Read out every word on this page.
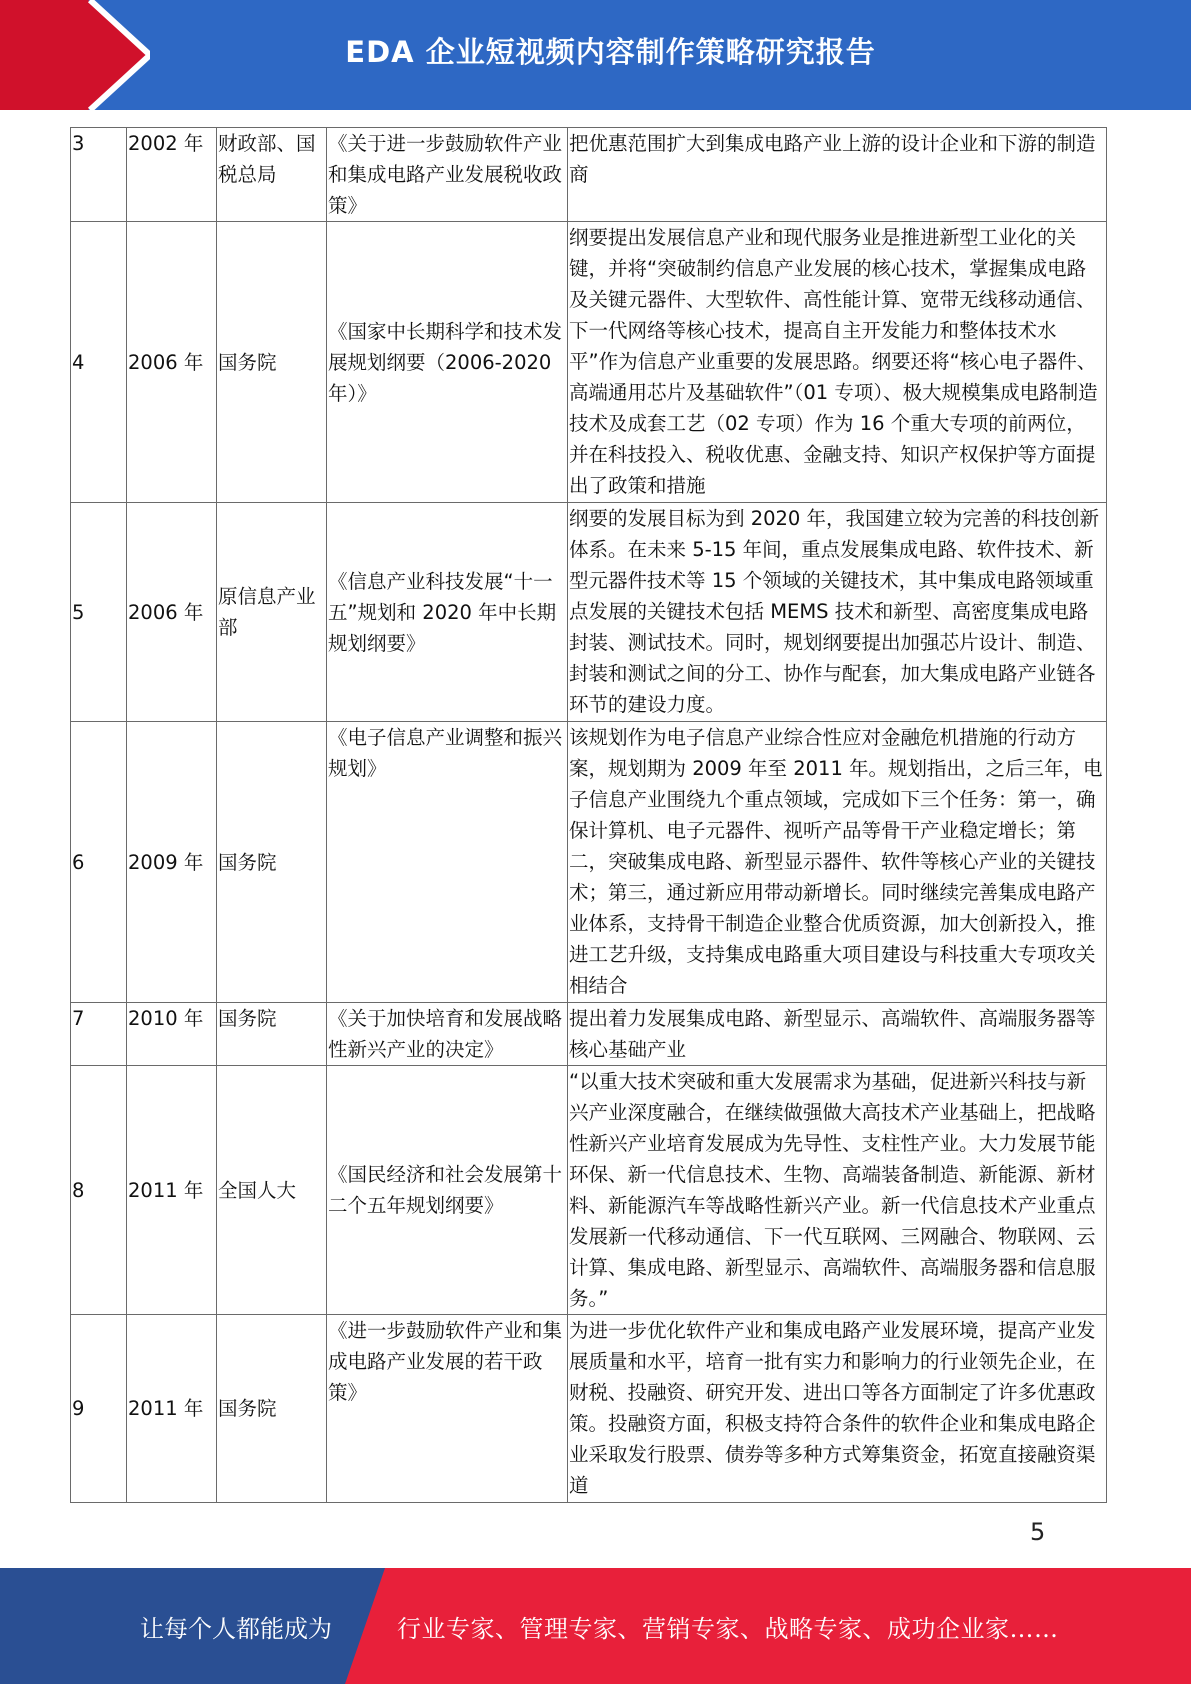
EDA 企业短视频内容制作策略研究报告
3	2002 年	财政部、国税总局	《关于进一步鼓励软件产业和集成电路产业发展税收政策》	把优惠范围扩大到集成电路产业上游的设计企业和下游的制造商
4	2006 年	国务院	《国家中长期科学和技术发展规划纲要（2006-2020 年）》	纲要提出发展信息产业和现代服务业是推进新型工业化的关键，并将“突破制约信息产业发展的核心技术，掌握集成电路及关键元器件、大型软件、高性能计算、宽带无线移动通信、下一代网络等核心技术，提高自主开发能力和整体技术水平”作为信息产业重要的发展思路。纲要还将“核心电子器件、高端通用芯片及基础软件”（01 专项）、极大规模集成电路制造技术及成套工艺（02 专项）作为 16 个重大专项的前两位，并在科技投入、税收优惠、金融支持、知识产权保护等方面提出了政策和措施
5	2006 年	原信息产业部	《信息产业科技发展“十一五”规划和 2020 年中长期规划纲要》	纲要的发展目标为到 2020 年，我国建立较为完善的科技创新体系。在未来 5-15 年间，重点发展集成电路、软件技术、新型元器件技术等 15 个领域的关键技术，其中集成电路领域重点发展的关键技术包括 MEMS 技术和新型、高密度集成电路封装、测试技术。同时，规划纲要提出加强芯片设计、制造、封装和测试之间的分工、协作与配套，加大集成电路产业链各环节的建设力度。
6	2009 年	国务院	《电子信息产业调整和振兴规划》	该规划作为电子信息产业综合性应对金融危机措施的行动方案，规划期为 2009 年至 2011 年。规划指出，之后三年，电子信息产业围绕九个重点领域，完成如下三个任务：第一，确保计算机、电子元器件、视听产品等骨干产业稳定增长；第二，突破集成电路、新型显示器件、软件等核心产业的关键技术；第三，通过新应用带动新增长。同时继续完善集成电路产业体系，支持骨干制造企业整合优质资源，加大创新投入，推进工艺升级，支持集成电路重大项目建设与科技重大专项攻关相结合
7	2010 年	国务院	《关于加快培育和发展战略性新兴产业的决定》	提出着力发展集成电路、新型显示、高端软件、高端服务器等核心基础产业
8	2011 年	全国人大	《国民经济和社会发展第十二个五年规划纲要》	“以重大技术突破和重大发展需求为基础，促进新兴科技与新兴产业深度融合，在继续做强做大高技术产业基础上，把战略性新兴产业培育发展成为先导性、支柱性产业。大力发展节能环保、新一代信息技术、生物、高端装备制造、新能源、新材料、新能源汽车等战略性新兴产业。新一代信息技术产业重点发展新一代移动通信、下一代互联网、三网融合、物联网、云计算、集成电路、新型显示、高端软件、高端服务器和信息服务。”
9	2011 年	国务院	《进一步鼓励软件产业和集成电路产业发展的若干政策》	为进一步优化软件产业和集成电路产业发展环境，提高产业发展质量和水平，培育一批有实力和影响力的行业领先企业，在财税、投融资、研究开发、进出口等各方面制定了许多优惠政策。投融资方面，积极支持符合条件的软件企业和集成电路企业采取发行股票、债券等多种方式筹集资金，拓宽直接融资渠道
5
让每个人都能成为	行业专家、管理专家、营销专家、战略专家、成功企业家……
